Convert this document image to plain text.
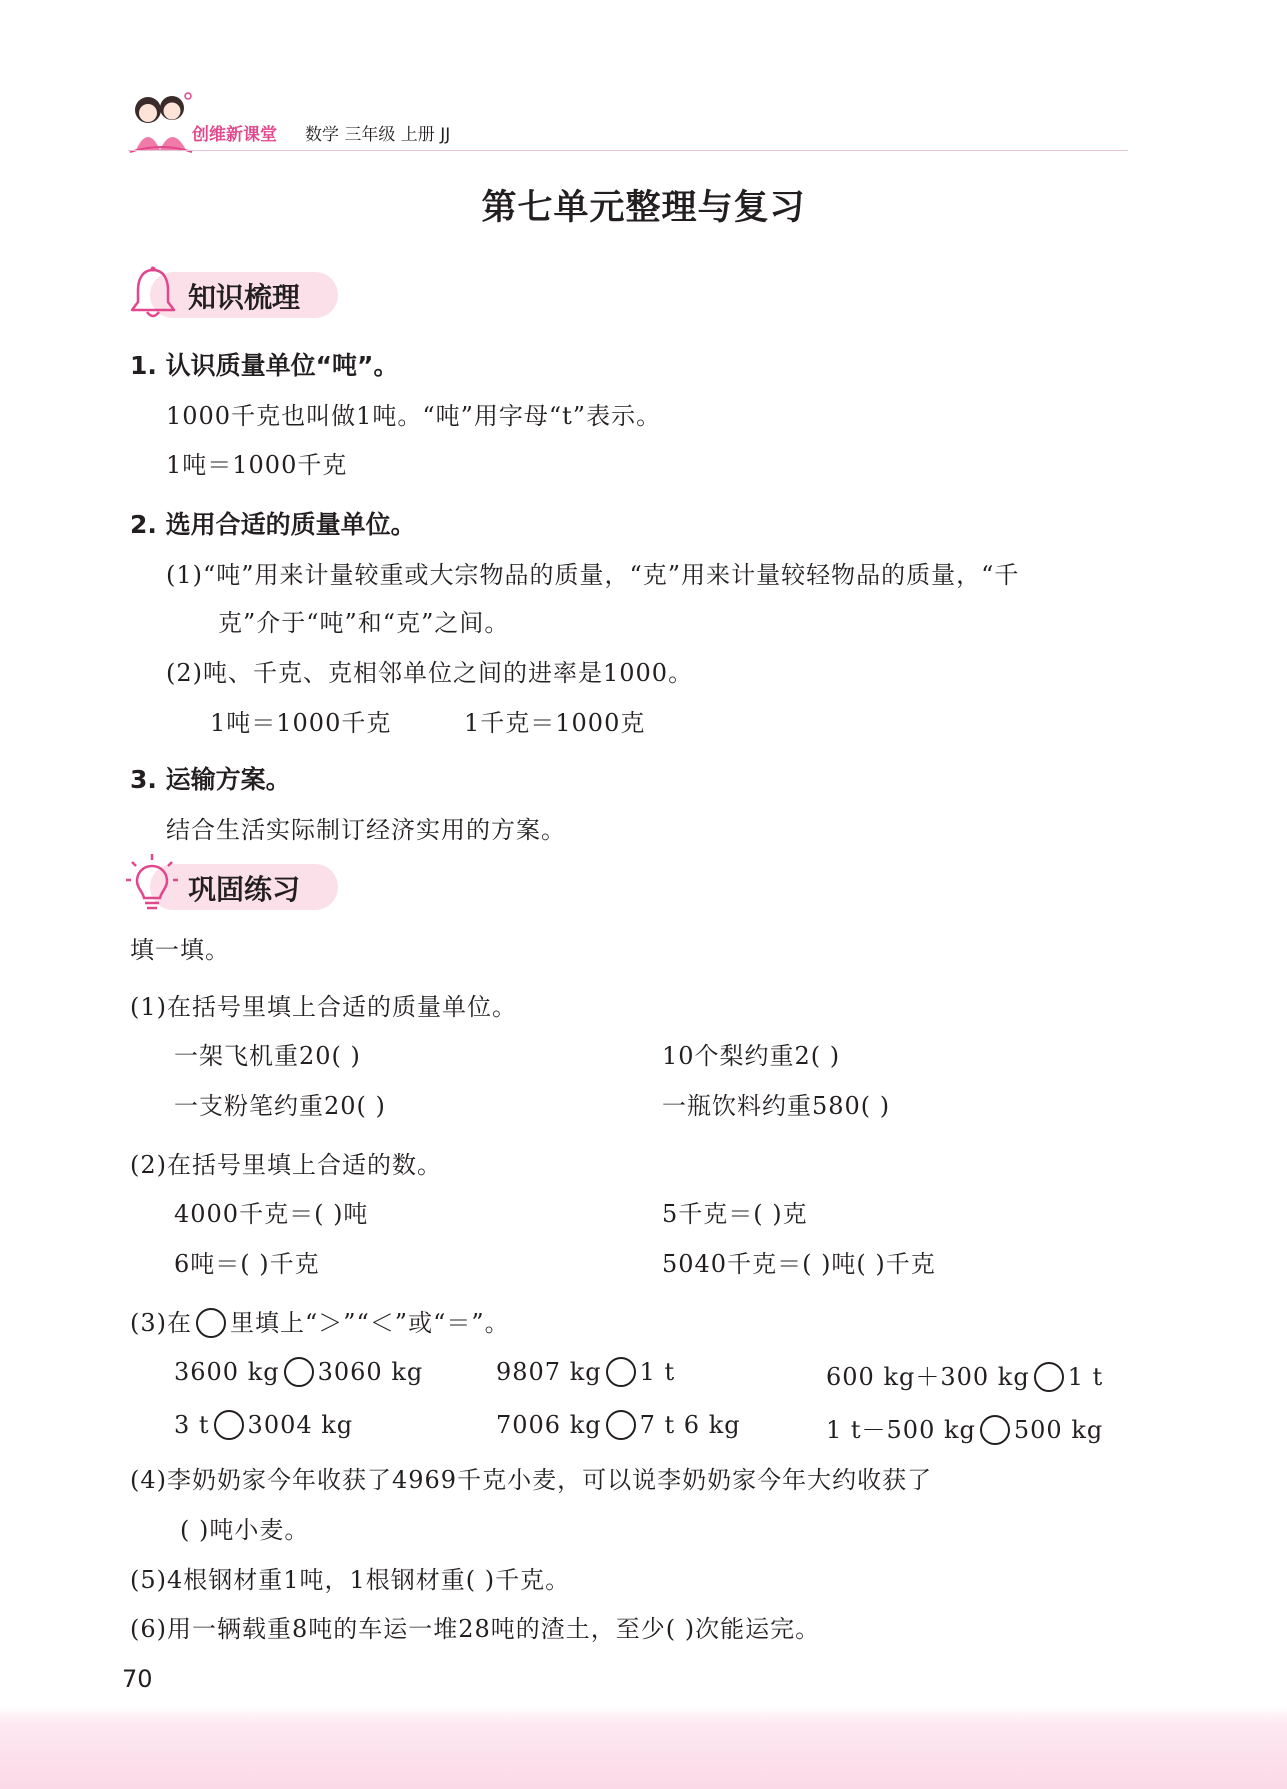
创维新课堂 数学 三年级 上册 JJ
第七单元整理与复习
知识梳理
1. 认识质量单位“吨”。
1000千克也叫做1吨。“吨”用字母“t”表示。
1吨＝1000千克
2. 选用合适的质量单位。
(1)“吨”用来计量较重或大宗物品的质量，“克”用来计量较轻物品的质量，“千
克”介于“吨”和“克”之间。
(2)吨、千克、克相邻单位之间的进率是1000。
1吨＝1000千克	1千克＝1000克
3. 运输方案。
结合生活实际制订经济实用的方案。
巩固练习
填一填。
(1)在括号里填上合适的质量单位。
一架飞机重20( )	10个梨约重2( )
一支粉笔约重20( )	一瓶饮料约重580( )
(2)在括号里填上合适的数。
4000千克＝( )吨	5千克＝( )克
6吨＝( )千克	5040千克＝( )吨( )千克
(3)在 里填上“＞”“＜”或“＝”。
3600 kg 3060 kg	9807 kg 1 t	600 kg＋300 kg 1 t
3 t 3004 kg	7006 kg 7 t 6 kg	1 t－500 kg 500 kg
(4)李奶奶家今年收获了4969千克小麦，可以说李奶奶家今年大约收获了
( )吨小麦。
(5)4根钢材重1吨，1根钢材重( )千克。
(6)用一辆载重8吨的车运一堆28吨的渣土，至少( )次能运完。
70
